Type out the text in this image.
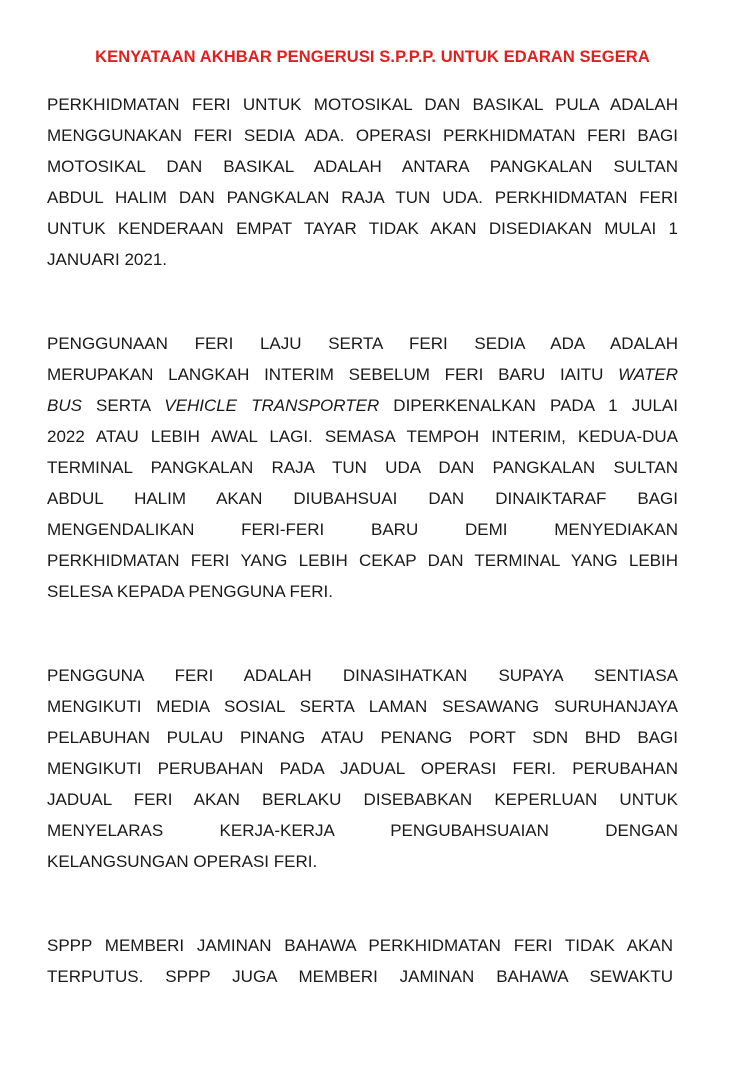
KENYATAAN AKHBAR PENGERUSI S.P.P.P. UNTUK EDARAN SEGERA
PERKHIDMATAN FERI UNTUK MOTOSIKAL DAN BASIKAL PULA ADALAH
MENGGUNAKAN FERI SEDIA ADA. OPERASI PERKHIDMATAN FERI BAGI
MOTOSIKAL DAN BASIKAL ADALAH ANTARA PANGKALAN SULTAN
ABDUL HALIM DAN PANGKALAN RAJA TUN UDA. PERKHIDMATAN FERI
UNTUK KENDERAAN EMPAT TAYAR TIDAK AKAN DISEDIAKAN MULAI 1
JANUARI 2021.
PENGGUNAAN FERI LAJU SERTA FERI SEDIA ADA ADALAH
MERUPAKAN LANGKAH INTERIM SEBELUM FERI BARU IAITU WATER
BUS SERTA VEHICLE TRANSPORTER DIPERKENALKAN PADA 1 JULAI
2022 ATAU LEBIH AWAL LAGI. SEMASA TEMPOH INTERIM, KEDUA-DUA
TERMINAL PANGKALAN RAJA TUN UDA DAN PANGKALAN SULTAN
ABDUL HALIM AKAN DIUBAHSUAI DAN DINAIKTARAF BAGI
MENGENDALIKAN FERI-FERI BARU DEMI MENYEDIAKAN
PERKHIDMATAN FERI YANG LEBIH CEKAP DAN TERMINAL YANG LEBIH
SELESA KEPADA PENGGUNA FERI.
PENGGUNA FERI ADALAH DINASIHATKAN SUPAYA SENTIASA
MENGIKUTI MEDIA SOSIAL SERTA LAMAN SESAWANG SURUHANJAYA
PELABUHAN PULAU PINANG ATAU PENANG PORT SDN BHD BAGI
MENGIKUTI PERUBAHAN PADA JADUAL OPERASI FERI. PERUBAHAN
JADUAL FERI AKAN BERLAKU DISEBABKAN KEPERLUAN UNTUK
MENYELARAS KERJA-KERJA PENGUBAHSUAIAN DENGAN
KELANGSUNGAN OPERASI FERI.
SPPP MEMBERI JAMINAN BAHAWA PERKHIDMATAN FERI TIDAK AKAN
TERPUTUS. SPPP JUGA MEMBERI JAMINAN BAHAWA SEWAKTU
